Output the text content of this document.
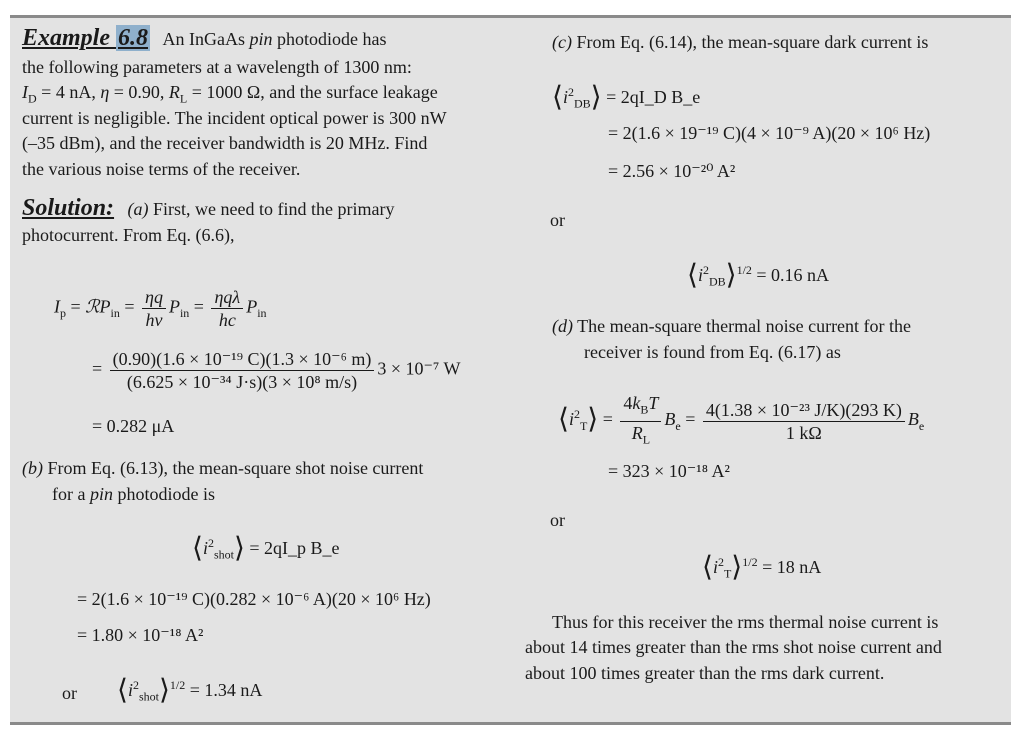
Example 6.8 An InGaAs pin photodiode has
the following parameters at a wavelength of 1300 nm:
$I_D = 4$ nA, η = 0.90, $R_L = 1000$ Ω, and the surface leakage
current is negligible. The incident optical power is 300 nW
(–35 dBm), and the receiver bandwidth is 20 MHz. Find
the various noise terms of the receiver.
Solution: (a) First, we need to find the primary
photocurrent. From Eq. (6.6),
$I_p$ = ℛP$_{in}$ = $\frac{\eta q}{h\nu} P_{in} = \frac{\text{ηqλ}}{hc} P_{in}$
= $\frac{\text{(0.90)(1.6 × 10⁻¹⁹ C)(1.3 × 10⁻⁶ m)}}{\text{(6.625 × 10⁻³⁴ J·s)(3 × 10⁸ m/s)}} 3 \times 10^{-7}$ W
= 0.282 μA
(b) From Eq. (6.13), the mean-square shot noise current
for a pin photodiode is
$⟨i^2_{shot}⟩$ = 2qI_p B_e
= 2(1.6 × 10⁻¹⁹ C)(0.282 × 10⁻⁶ A)(20 × 10⁶ Hz)
= 1.80 × 10⁻¹⁸ A²
or $⟨i^2_{shot}⟩^{1/2} = 1.34$ nA
(c) From Eq. (6.14), the mean-square dark current is
$⟨i^2_{DB}⟩$ = 2qI_D B_e
= 2(1.6 × 19⁻¹⁹ C)(4 × 10⁻⁹ A)(20 × 10⁶ Hz)
= 2.56 × 10⁻²⁰ A²
or
$⟨i^2_{DB}⟩^{1/2} = 0.16$ nA
(d) The mean-square thermal noise current for the
receiver is found from Eq. (6.17) as
$⟨i^2_T⟩ = \frac{4k_BT}{R_L} B_e = \frac{\text{4(1.38 × 10⁻²³ J/K)(293 K)}}{1 k\Omega} B_e$
= 323 × 10⁻¹⁸ A²
or
$⟨i^2_T⟩^{1/2} = 18$ nA
Thus for this receiver the rms thermal noise current is
about 14 times greater than the rms shot noise current and
about 100 times greater than the rms dark current.
